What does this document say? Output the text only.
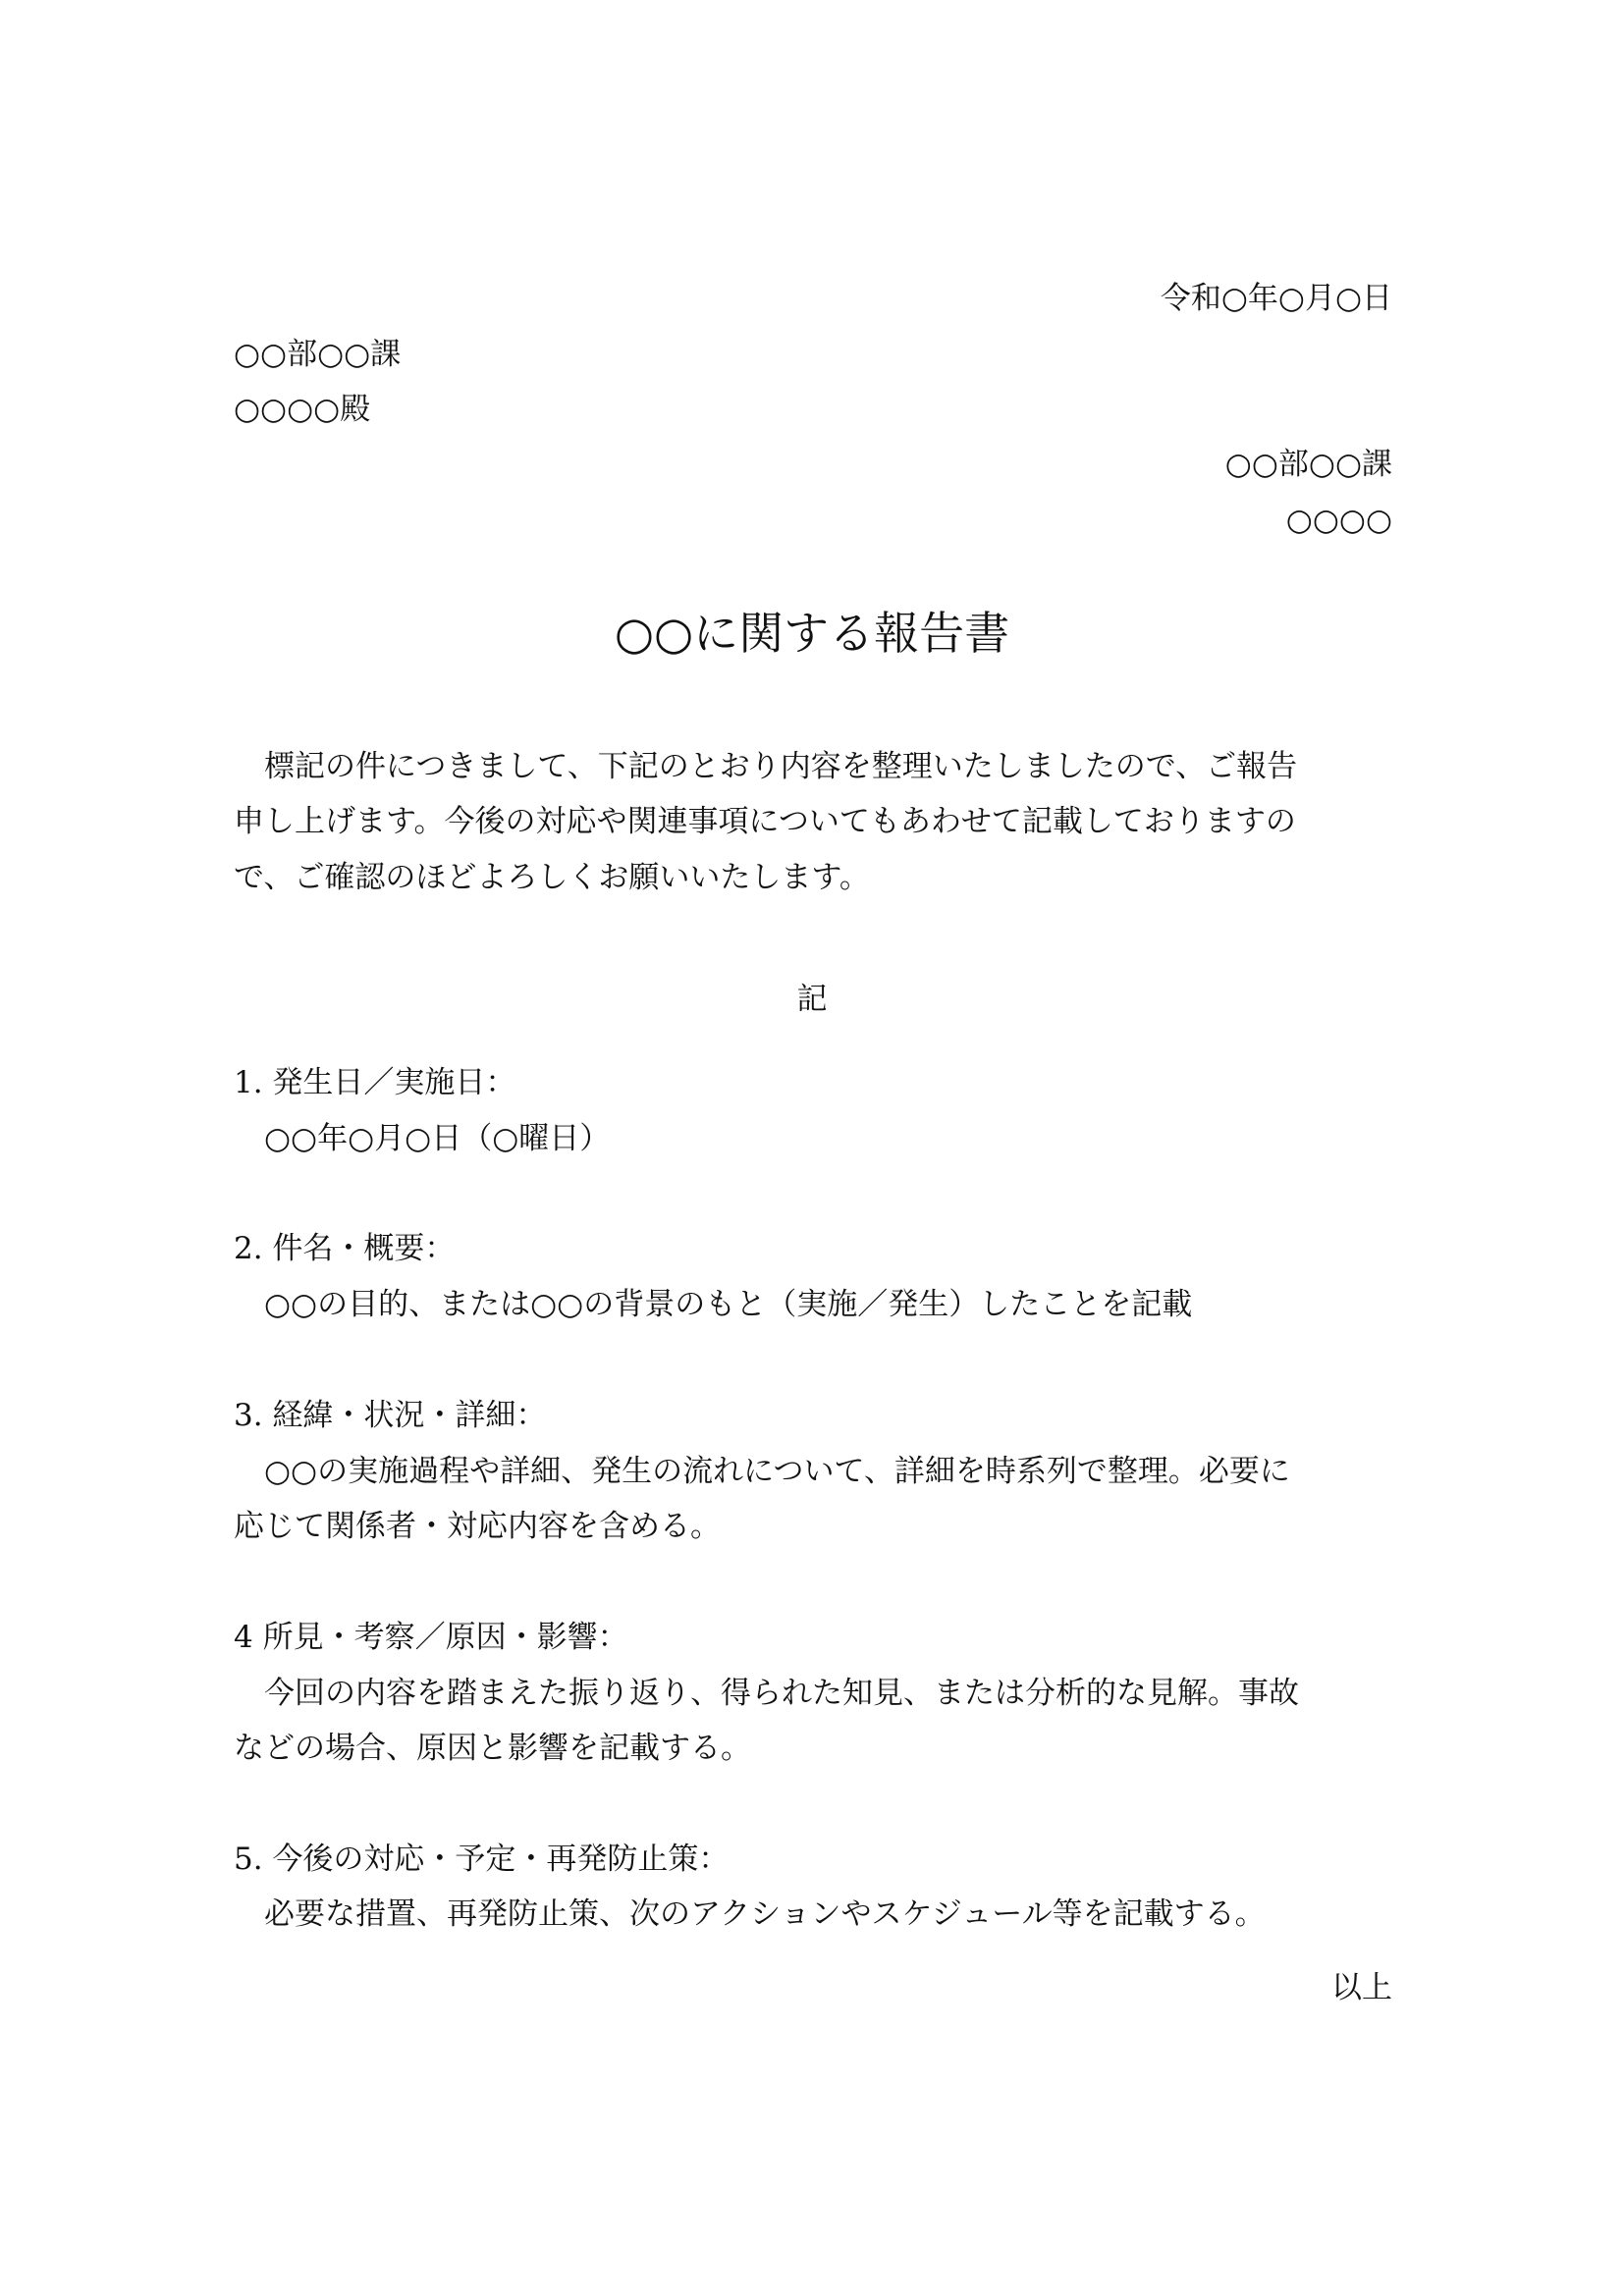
令和○年○月○日
○○部○○課
○○○○殿
○○部○○課
○○○○
○○に関する報告書
　標記の件につきまして、下記のとおり内容を整理いたしましたので、ご報告
申し上げます。今後の対応や関連事項についてもあわせて記載しておりますの
で、ご確認のほどよろしくお願いいたします。
記
1. 発生日／実施日：
　○○年○月○日（○曜日）
2. 件名・概要：
　○○の目的、または○○の背景のもと（実施／発生）したことを記載
3. 経緯・状況・詳細：
　○○の実施過程や詳細、発生の流れについて、詳細を時系列で整理。必要に
応じて関係者・対応内容を含める。
4 所見・考察／原因・影響：
　今回の内容を踏まえた振り返り、得られた知見、または分析的な見解。事故
などの場合、原因と影響を記載する。
5. 今後の対応・予定・再発防止策：
　必要な措置、再発防止策、次のアクションやスケジュール等を記載する。
以上
